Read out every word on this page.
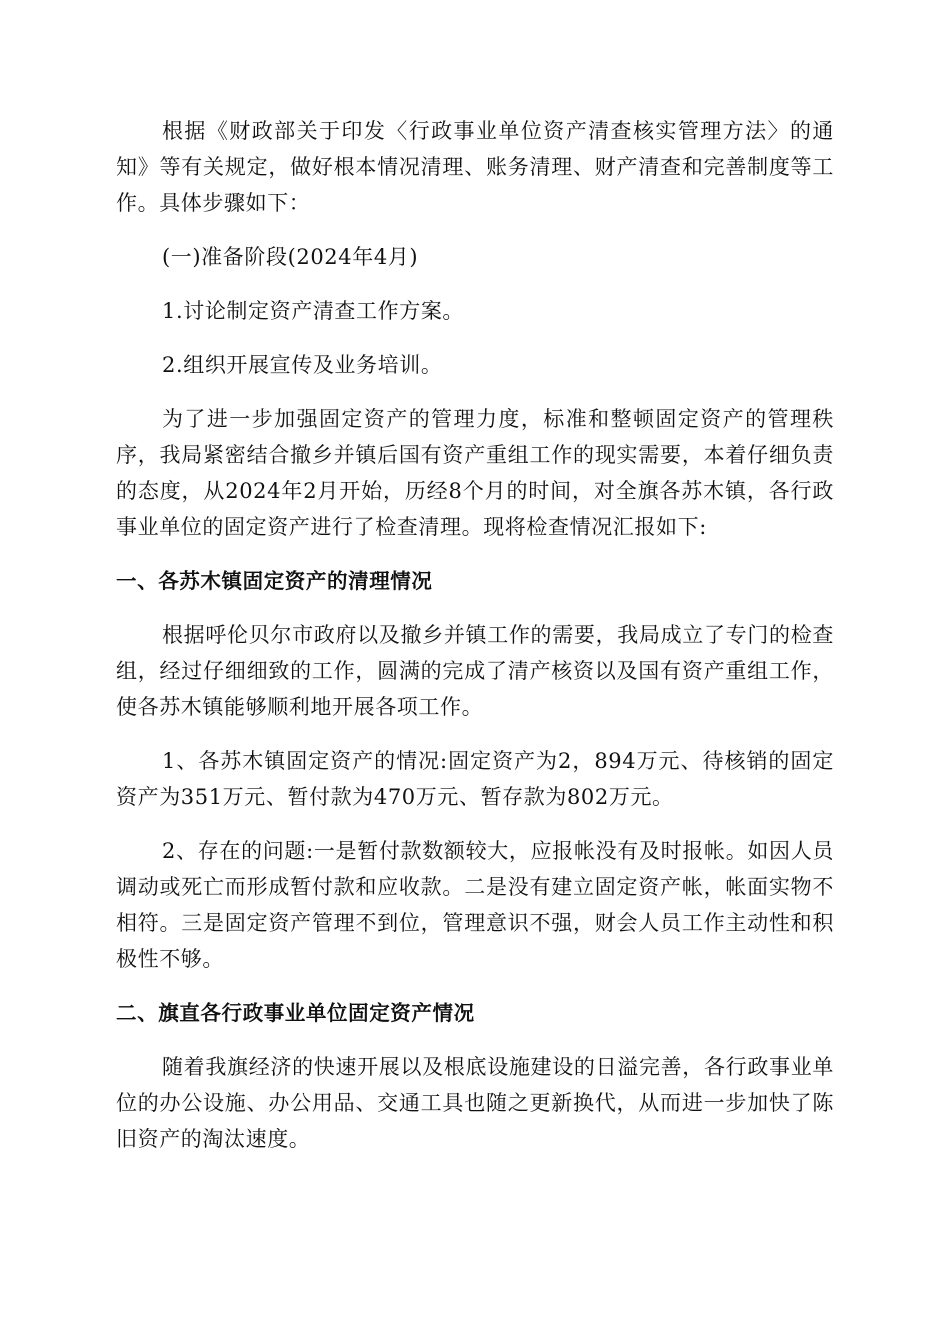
根据《财政部关于印发〈行政事业单位资产清查核实管理方法〉的通知》等有关规定，做好根本情况清理、账务清理、财产清查和完善制度等工作。具体步骤如下：

(一)准备阶段(2024年4月)

1.讨论制定资产清查工作方案。

2.组织开展宣传及业务培训。

为了进一步加强固定资产的管理力度，标准和整顿固定资产的管理秩序，我局紧密结合撤乡并镇后国有资产重组工作的现实需要，本着仔细负责的态度，从2024年2月开始，历经8个月的时间，对全旗各苏木镇，各行政事业单位的固定资产进行了检查清理。现将检查情况汇报如下:

一、各苏木镇固定资产的清理情况

根据呼伦贝尔市政府以及撤乡并镇工作的需要，我局成立了专门的检查组，经过仔细细致的工作，圆满的完成了清产核资以及国有资产重组工作，使各苏木镇能够顺利地开展各项工作。

1、各苏木镇固定资产的情况:固定资产为2，894万元、待核销的固定资产为351万元、暂付款为470万元、暂存款为802万元。

2、存在的问题:一是暂付款数额较大，应报帐没有及时报帐。如因人员调动或死亡而形成暂付款和应收款。二是没有建立固定资产帐，帐面实物不相符。三是固定资产管理不到位，管理意识不强，财会人员工作主动性和积极性不够。

二、旗直各行政事业单位固定资产情况

随着我旗经济的快速开展以及根底设施建设的日溢完善，各行政事业单位的办公设施、办公用品、交通工具也随之更新换代，从而进一步加快了陈旧资产的淘汰速度。
